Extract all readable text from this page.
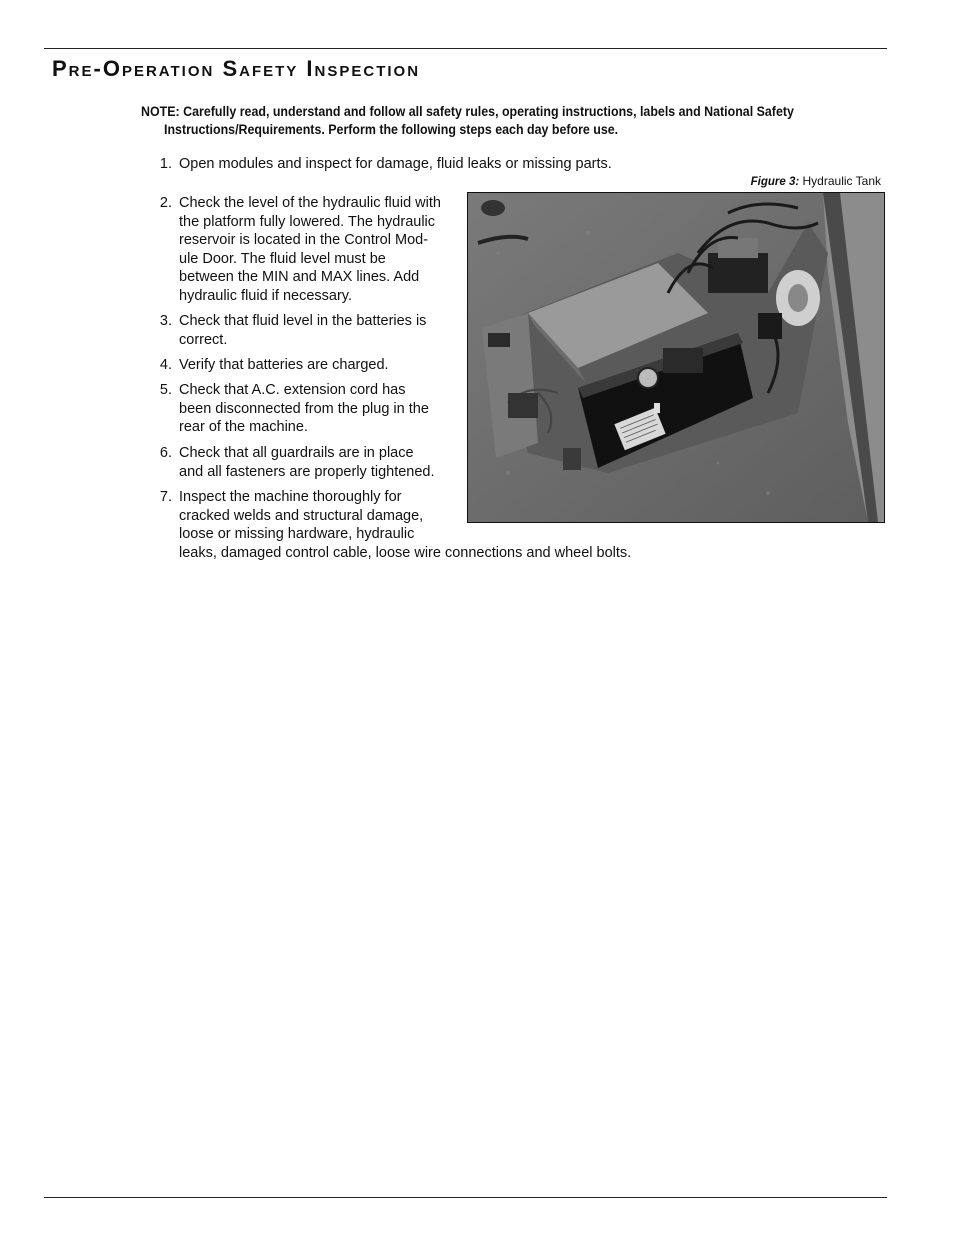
Pre-Operation Safety Inspection
NOTE: Carefully read, understand and follow all safety rules, operating instructions, labels and National Safety
Instructions/Requirements. Perform the following steps each day before use.
1. Open modules and inspect for damage, fluid leaks or missing parts.
2. Check the level of the hydraulic fluid with
the platform fully lowered. The hydraulic
reservoir is located in the Control Mod-
ule Door. The fluid level must be
between the MIN and MAX lines. Add
hydraulic fluid if necessary.
3. Check that fluid level in the batteries is
correct.
4. Verify that batteries are charged.
5. Check that A.C. extension cord has
been disconnected from the plug in the
rear of the machine.
6. Check that all guardrails are in place
and all fasteners are properly tightened.
7. Inspect the machine thoroughly for
cracked welds and structural damage,
loose or missing hardware, hydraulic
leaks, damaged control cable, loose wire connections and wheel bolts.
Figure 3: Hydraulic Tank
